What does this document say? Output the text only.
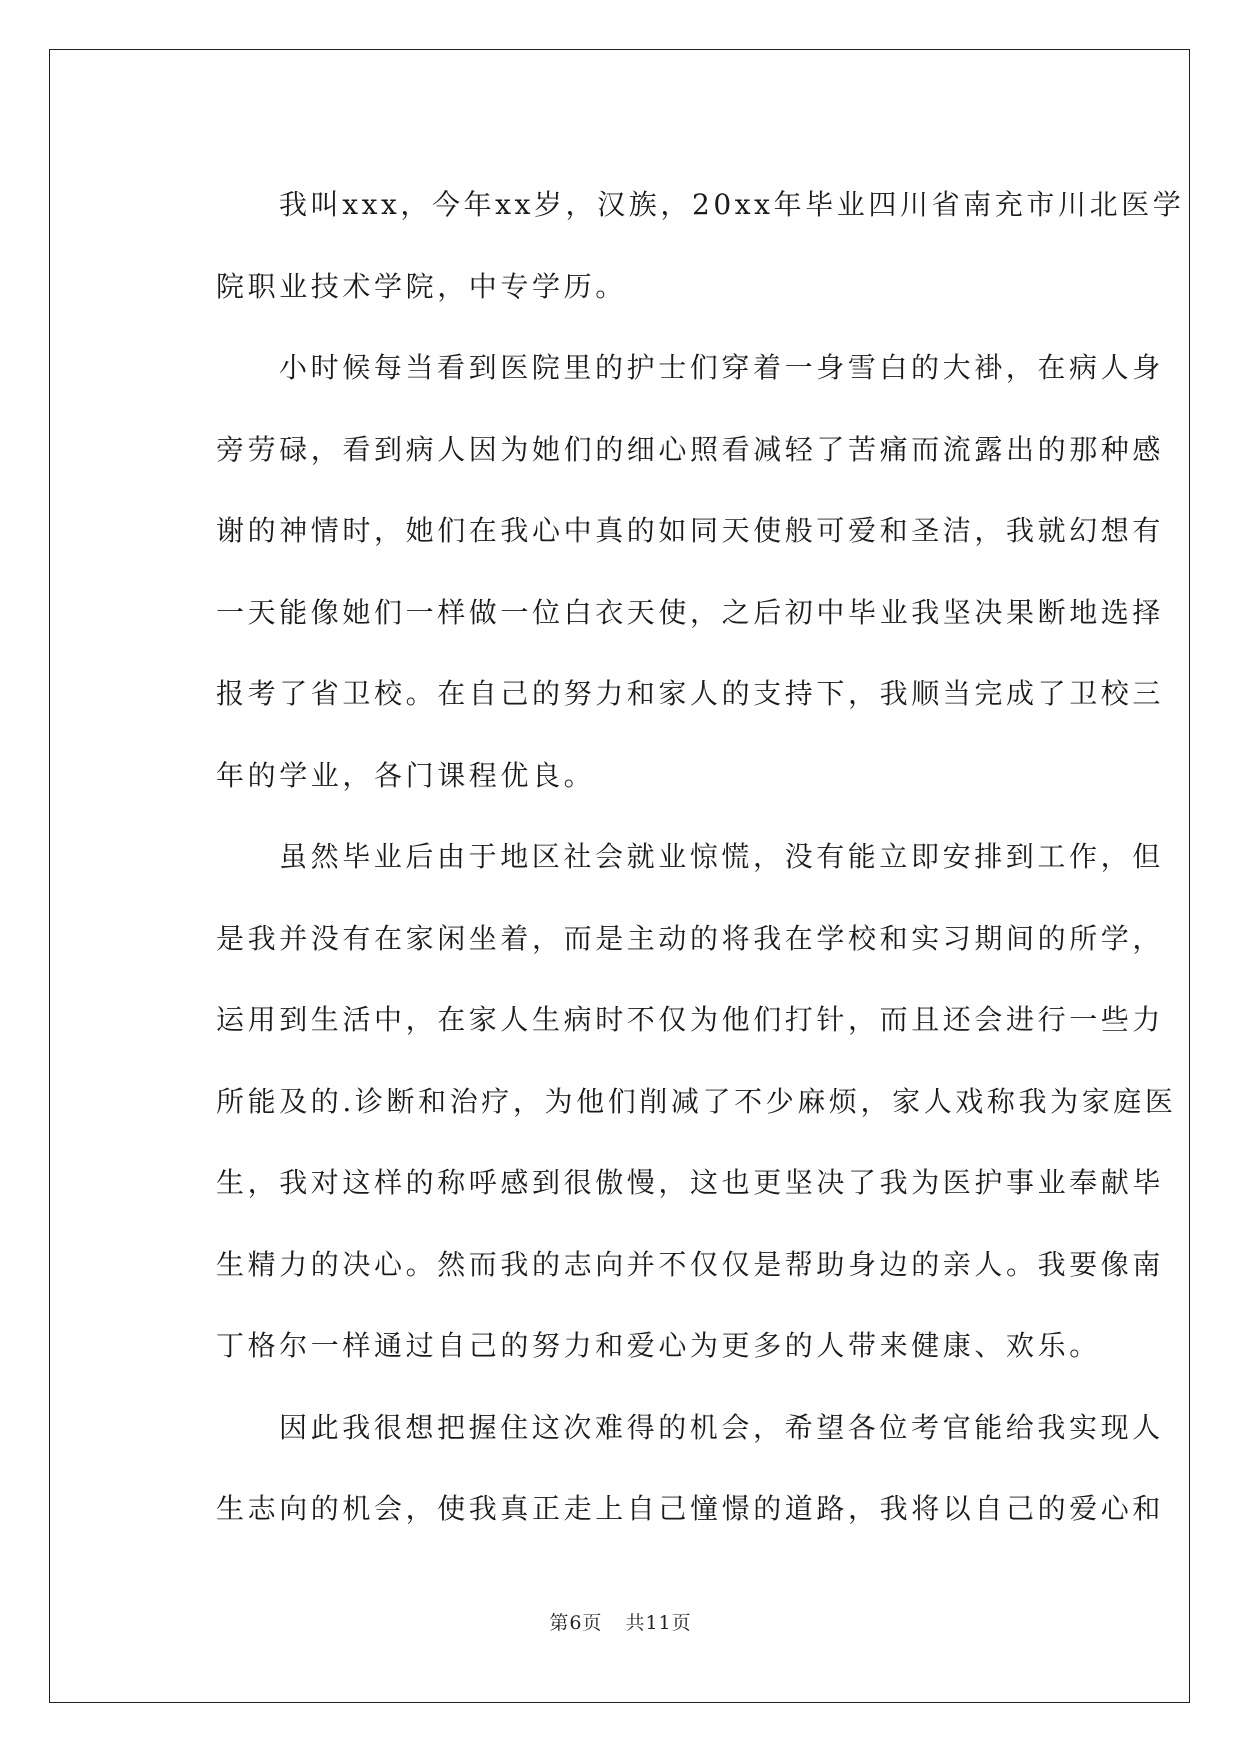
我叫xxx，今年xx岁，汉族，20xx年毕业四川省南充市川北医学
院职业技术学院，中专学历。
小时候每当看到医院里的护士们穿着一身雪白的大褂，在病人身
旁劳碌，看到病人因为她们的细心照看减轻了苦痛而流露出的那种感
谢的神情时，她们在我心中真的如同天使般可爱和圣洁，我就幻想有
一天能像她们一样做一位白衣天使，之后初中毕业我坚决果断地选择
报考了省卫校。在自己的努力和家人的支持下，我顺当完成了卫校三
年的学业，各门课程优良。
虽然毕业后由于地区社会就业惊慌，没有能立即安排到工作，但
是我并没有在家闲坐着，而是主动的将我在学校和实习期间的所学，
运用到生活中，在家人生病时不仅为他们打针，而且还会进行一些力
所能及的.诊断和治疗，为他们削减了不少麻烦，家人戏称我为家庭医
生，我对这样的称呼感到很傲慢，这也更坚决了我为医护事业奉献毕
生精力的决心。然而我的志向并不仅仅是帮助身边的亲人。我要像南
丁格尔一样通过自己的努力和爱心为更多的人带来健康、欢乐。
因此我很想把握住这次难得的机会，希望各位考官能给我实现人
生志向的机会，使我真正走上自己憧憬的道路，我将以自己的爱心和
第6页 共11页
